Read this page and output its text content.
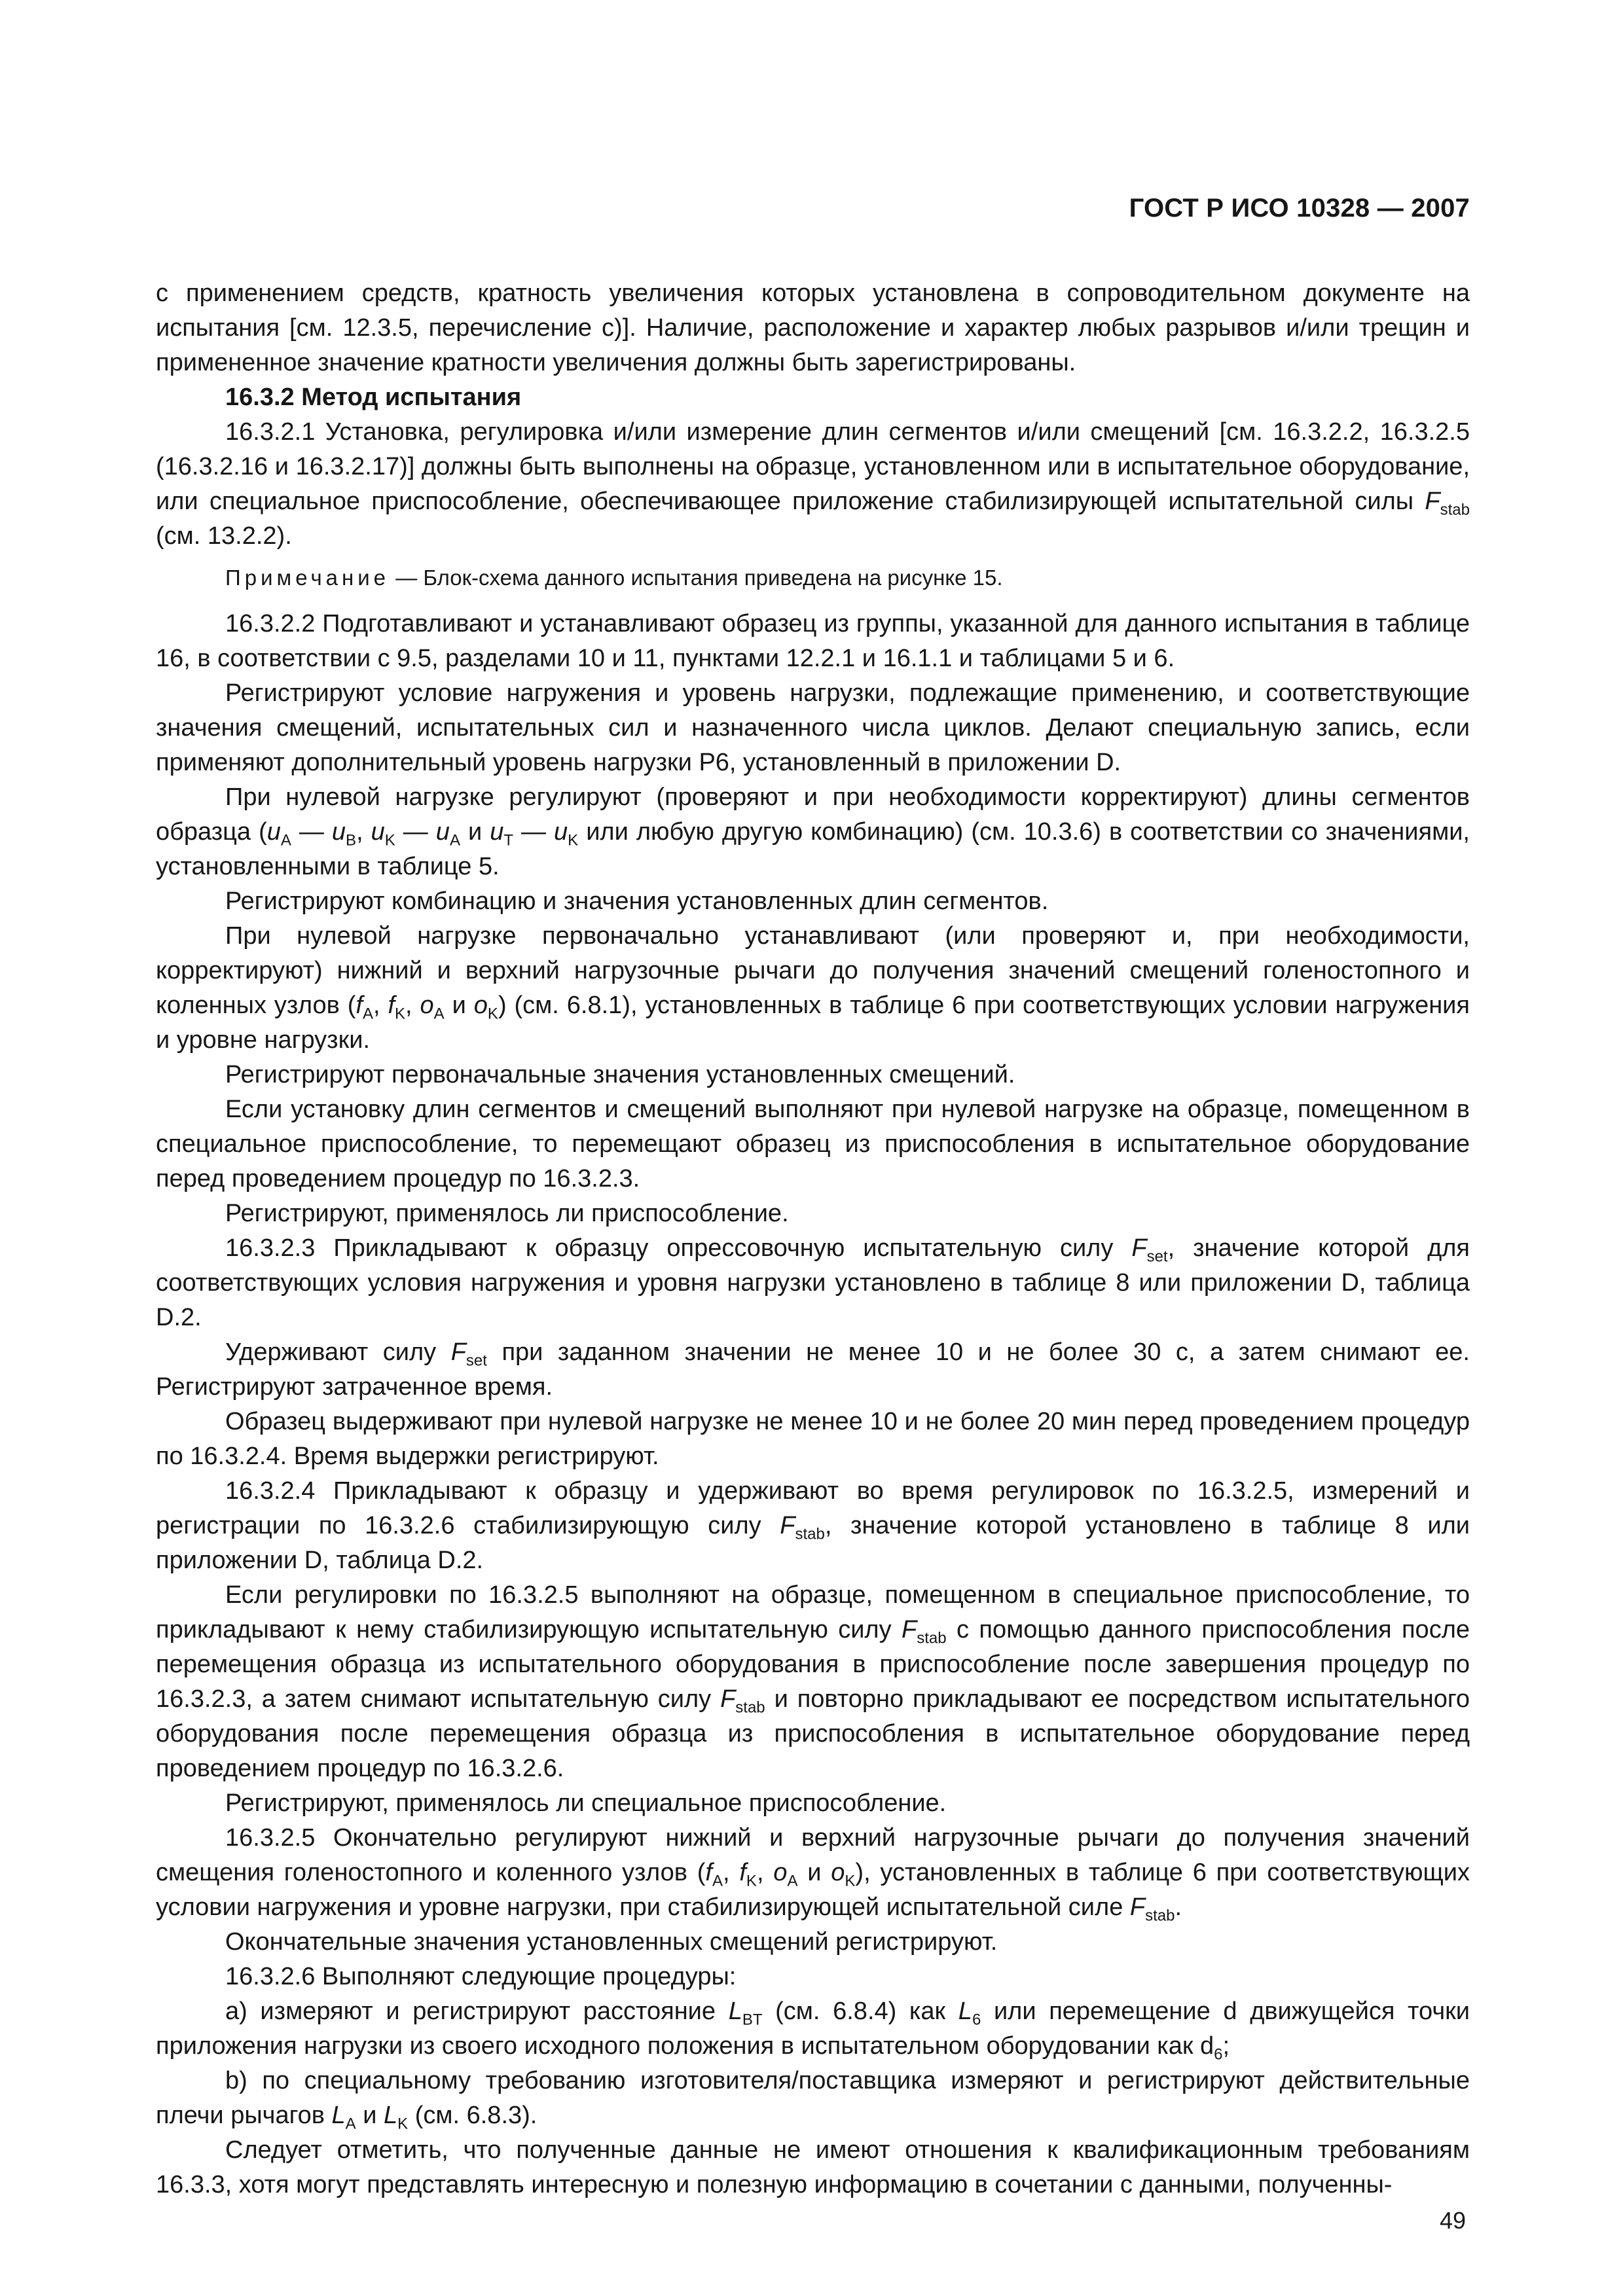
ГОСТ Р ИСО 10328 — 2007

с применением средств, кратность увеличения которых установлена в сопроводительном документе на испытания [см. 12.3.5, перечисление с)]. Наличие, расположение и характер любых разрывов и/или трещин и примененное значение кратности увеличения должны быть зарегистрированы.

16.3.2 Метод испытания

16.3.2.1 Установка, регулировка и/или измерение длин сегментов и/или смещений [см. 16.3.2.2, 16.3.2.5 (16.3.2.16 и 16.3.2.17)] должны быть выполнены на образце, установленном или в испытательное оборудование, или специальное приспособление, обеспечивающее приложение стабилизирующей испытательной силы $F_{stab}$ (см. 13.2.2).

Примечание — Блок-схема данного испытания приведена на рисунке 15.

16.3.2.2 Подготавливают и устанавливают образец из группы, указанной для данного испытания в таблице 16, в соответствии с 9.5, разделами 10 и 11, пунктами 12.2.1 и 16.1.1 и таблицами 5 и 6.

Регистрируют условие нагружения и уровень нагрузки, подлежащие применению, и соответствующие значения смещений, испытательных сил и назначенного числа циклов. Делают специальную запись, если применяют дополнительный уровень нагрузки Р6, установленный в приложении D.

При нулевой нагрузке регулируют (проверяют и при необходимости корректируют) длины сегментов образца ($u_A$ — $u_B$, $u_K$ — $u_A$ и $u_T$ — $u_K$ или любую другую комбинацию) (см. 10.3.6) в соответствии со значениями, установленными в таблице 5.

Регистрируют комбинацию и значения установленных длин сегментов.

При нулевой нагрузке первоначально устанавливают (или проверяют и, при необходимости, корректируют) нижний и верхний нагрузочные рычаги до получения значений смещений голеностопного и коленных узлов ($f_A$, $f_K$, $o_A$ и $o_K$) (см. 6.8.1), установленных в таблице 6 при соответствующих условии нагружения и уровне нагрузки.

Регистрируют первоначальные значения установленных смещений.

Если установку длин сегментов и смещений выполняют при нулевой нагрузке на образце, помещенном в специальное приспособление, то перемещают образец из приспособления в испытательное оборудование перед проведением процедур по 16.3.2.3.

Регистрируют, применялось ли приспособление.

16.3.2.3 Прикладывают к образцу опрессовочную испытательную силу $F_{set}$, значение которой для соответствующих условия нагружения и уровня нагрузки установлено в таблице 8 или приложении D, таблица D.2.

Удерживают силу $F_{set}$ при заданном значении не менее 10 и не более 30 с, а затем снимают ее. Регистрируют затраченное время.

Образец выдерживают при нулевой нагрузке не менее 10 и не более 20 мин перед проведением процедур по 16.3.2.4. Время выдержки регистрируют.

16.3.2.4 Прикладывают к образцу и удерживают во время регулировок по 16.3.2.5, измерений и регистрации по 16.3.2.6 стабилизирующую силу $F_{stab}$, значение которой установлено в таблице 8 или приложении D, таблица D.2.

Если регулировки по 16.3.2.5 выполняют на образце, помещенном в специальное приспособление, то прикладывают к нему стабилизирующую испытательную силу $F_{stab}$ с помощью данного приспособления после перемещения образца из испытательного оборудования в приспособление после завершения процедур по 16.3.2.3, а затем снимают испытательную силу $F_{stab}$ и повторно прикладывают ее посредством испытательного оборудования после перемещения образца из приспособления в испытательное оборудование перед проведением процедур по 16.3.2.6.

Регистрируют, применялось ли специальное приспособление.

16.3.2.5 Окончательно регулируют нижний и верхний нагрузочные рычаги до получения значений смещения голеностопного и коленного узлов ($f_A$, $f_K$, $o_A$ и $o_K$), установленных в таблице 6 при соответствующих условии нагружения и уровне нагрузки, при стабилизирующей испытательной силе $F_{stab}$.

Окончательные значения установленных смещений регистрируют.

16.3.2.6 Выполняют следующие процедуры:

а) измеряют и регистрируют расстояние $L_{BT}$ (см. 6.8.4) как $L_6$ или перемещение d движущейся точки приложения нагрузки из своего исходного положения в испытательном оборудовании как $d_6$;

b) по специальному требованию изготовителя/поставщика измеряют и регистрируют действительные плечи рычагов $L_A$ и $L_K$ (см. 6.8.3).

Следует отметить, что полученные данные не имеют отношения к квалификационным требованиям 16.3.3, хотя могут представлять интересную и полезную информацию в сочетании с данными, полученны-

49
